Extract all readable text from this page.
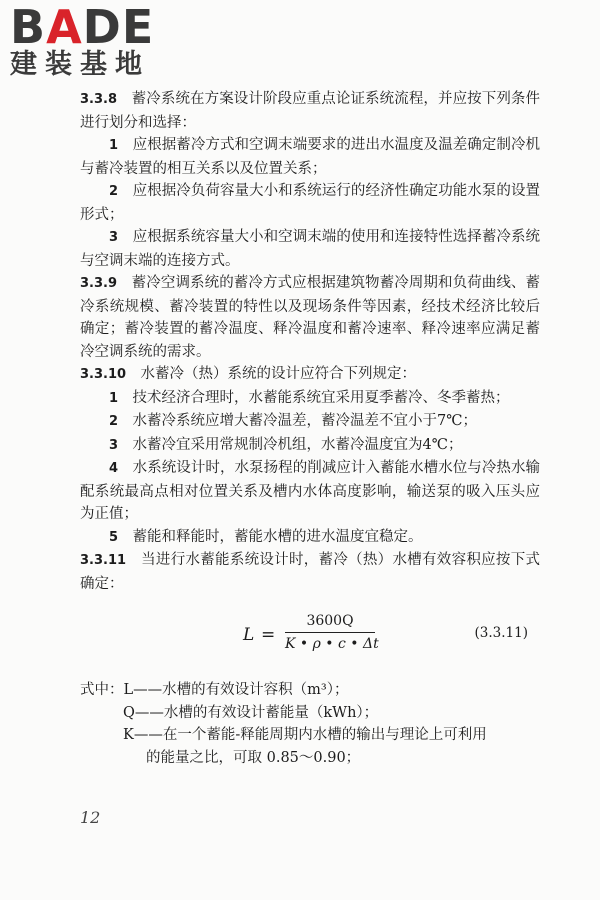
BADE
建装基地

3.3.8　蓄冷系统在方案设计阶段应重点论证系统流程，并应按下列条件进行划分和选择：

1　应根据蓄冷方式和空调末端要求的进出水温度及温差确定制冷机与蓄冷装置的相互关系以及位置关系；

2　应根据冷负荷容量大小和系统运行的经济性确定功能水泵的设置形式；

3　应根据系统容量大小和空调末端的使用和连接特性选择蓄冷系统与空调末端的连接方式。

3.3.9　蓄冷空调系统的蓄冷方式应根据建筑物蓄冷周期和负荷曲线、蓄冷系统规模、蓄冷装置的特性以及现场条件等因素，经技术经济比较后确定；蓄冷装置的蓄冷温度、释冷温度和蓄冷速率、释冷速率应满足蓄冷空调系统的需求。

3.3.10　水蓄冷（热）系统的设计应符合下列规定：

1　技术经济合理时，水蓄能系统宜采用夏季蓄冷、冬季蓄热；

2　水蓄冷系统应增大蓄冷温差，蓄冷温差不宜小于7℃；

3　水蓄冷宜采用常规制冷机组，水蓄冷温度宜为4℃；

4　水系统设计时，水泵扬程的削减应计入蓄能水槽水位与冷热水输配系统最高点相对位置关系及槽内水体高度影响，输送泵的吸入压头应为正值；

5　蓄能和释能时，蓄能水槽的进水温度宜稳定。

3.3.11　当进行水蓄能系统设计时，蓄冷（热）水槽有效容积应按下式确定：

L =
3600Q
K • ρ • c • Δt
(3.3.11)

式中：L——水槽的有效设计容积（m³）；

Q——水槽的有效设计蓄能量（kWh）；

K——在一个蓄能-释能周期内水槽的输出与理论上可利用

的能量之比，可取 0.85～0.90；

12
